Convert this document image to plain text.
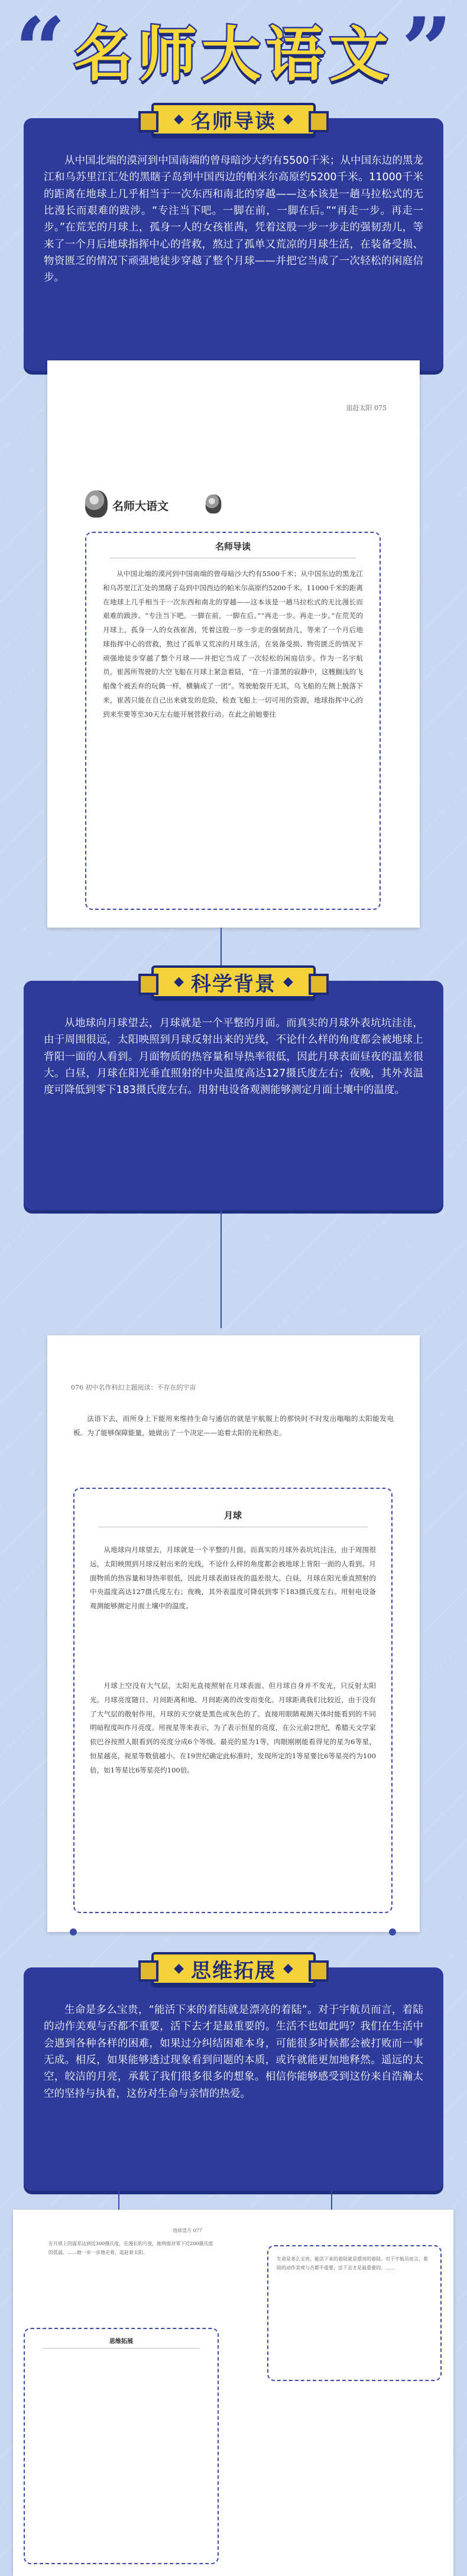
“ 名师大语文 ”
◆ 名师导读 ◆
从中国北端的漠河到中国南端的曾母暗沙大约有5500千米；从中国东边的黑龙江和乌苏里江汇处的黑瞎子岛到中国西边的帕米尔高原约5200千米。11000千米的距离在地球上几乎相当于一次东西和南北的穿越——这本该是一趟马拉松式的无比漫长而艰难的跋涉。“专注当下吧。一脚在前，一脚在后。”“再走一步。再走一步。”在荒芜的月球上，孤身一人的女孩崔茜，凭着这股一步一步走的强韧劲儿，等来了一个月后地球指挥中心的营救，熬过了孤单又荒凉的月球生活，在装备受损、物资匮乏的情况下顽强地徒步穿越了整个月球——并把它当成了一次轻松的闲庭信步。
追赶太阳 075
名师大语文
名师导读
从中国北端的漠河到中国南端的曾母暗沙大约有5500千米；从中国东边的黑龙江和乌苏里江汇处的黑瞎子岛到中国西边的帕米尔高原约5200千米。11000千米的距离在地球上几乎相当于一次东西和南北的穿越——这本该是一趟马拉松式的无比漫长而艰难的跋涉。“专注当下吧。一脚在前，一脚在后。”“再走一步。再走一步。”在荒芜的月球上，孤身一人的女孩崔茜，凭着这股一步一步走的强韧劲儿，等来了一个月后地球指挥中心的营救，熬过了孤单又荒凉的月球生活，在装备受损、物资匮乏的情况下顽强地徒步穿越了整个月球——并把它当成了一次轻松的闲庭信步。作为一名宇航员，崔茜所驾驶的大空飞船在月球上紧急着陆，“在一片漆黑的寂静中，这艘搁浅的飞船像个被丢弃的玩偶一样，横躺成了一团”。驾驶舱裂开无其，乌飞船的左侧上脱落下来，崔茜只能在自己出来就发的危险，检查飞船上一切可用的资源，地球指挥中心的到来至要等至30天左右能开展营救行动。在此之前她要往
◆ 科学背景 ◆
从地球向月球望去，月球就是一个平整的月面。而真实的月球外表坑坑洼洼，由于周围很远，太阳映照到月球反射出来的光线，不论什么样的角度都会被地球上背阳一面的人看到。月面物质的热容量和导热率很低，因此月球表面昼夜的温差很大。白昼，月球在阳光垂直照射的中央温度高达127摄氏度左右；夜晚，其外表温度可降低到零下183摄氏度左右。用射电设备观测能够测定月面土壤中的温度。
076 初中名作科幻主题阅读：不存在的宇宙
法语下去，而所身上下能用来维持生命与通信的就是宇航服上的那快时不时发出嗡嗡的太阳能发电板。为了能够保障能量，她做出了一个决定——追着太阳的光和热走。
月球
从地球向月球望去，月球就是一个平整的月面。而真实的月球外表坑坑洼洼，由于周围很远，太阳映照到月球反射出来的光线，不论什么样的角度都会被地球上背阳一面的人看到。月面物质的热容量和导热率很低，因此月球表面昼夜的温差很大。白昼，月球在阳光垂直照射的中央温度高达127摄氏度左右；夜晚，其外表温度可降低到零下183摄氏度左右。用射电设备观测能够测定月面土壤中的温度。
月球上空没有大气层，太阳光直接照射在月球表面。但月球自身并不发光，只反射太阳光。月球亮度随日、月间距离和地、月间距离的改变而变化。月球距离我们比较近，由于没有了大气层的散射作用，月球的天空就是黑色或灰色的了。直接用眼睛观测天体时能看到的不同明暗程度叫作月亮度。用视星等来表示，为了表示恒星的亮度，在公元前2世纪，希腊天文学家依巴谷按照人眼看到的亮度分成6个等级。最亮的星为1等，肉眼刚刚能看得见的星为6等星，恒星越亮，视星等数值越小。在19世纪确定此标准时，发现所定的1等星要比6等星亮约为100倍，如1等星比6等星亮约100倍。
◆ 思维拓展 ◆
生命是多么宝贵，“能活下来的着陆就是漂亮的着陆”。对于宇航员而言，着陆的动作美观与否都不重要，活下去才是最重要的。生活不也如此吗？我们在生活中会遇到各种各样的困难，如果过分纠结困难本身，可能很多时候都会被打败而一事无成。相反，如果能够透过现象看到问题的本质，或许就能更加地释然。遥远的太空，皎洁的月亮，承载了我们很多很多的想象。相信你能够感受到这份来自浩瀚太空的坚持与执着，这份对生命与亲情的热爱。
地球望月 077
在月球上的温差达到近300摄氏度，在漫长的月夜，她将面对零下近200摄氏度的低温。……她一步一步地走着，追赶着太阳。
思维拓展
生命是多么宝贵，能活下来的着陆就是漂亮的着陆。对于宇航员而言，着陆的动作美观与否都不重要，活下去才是最重要的。……
